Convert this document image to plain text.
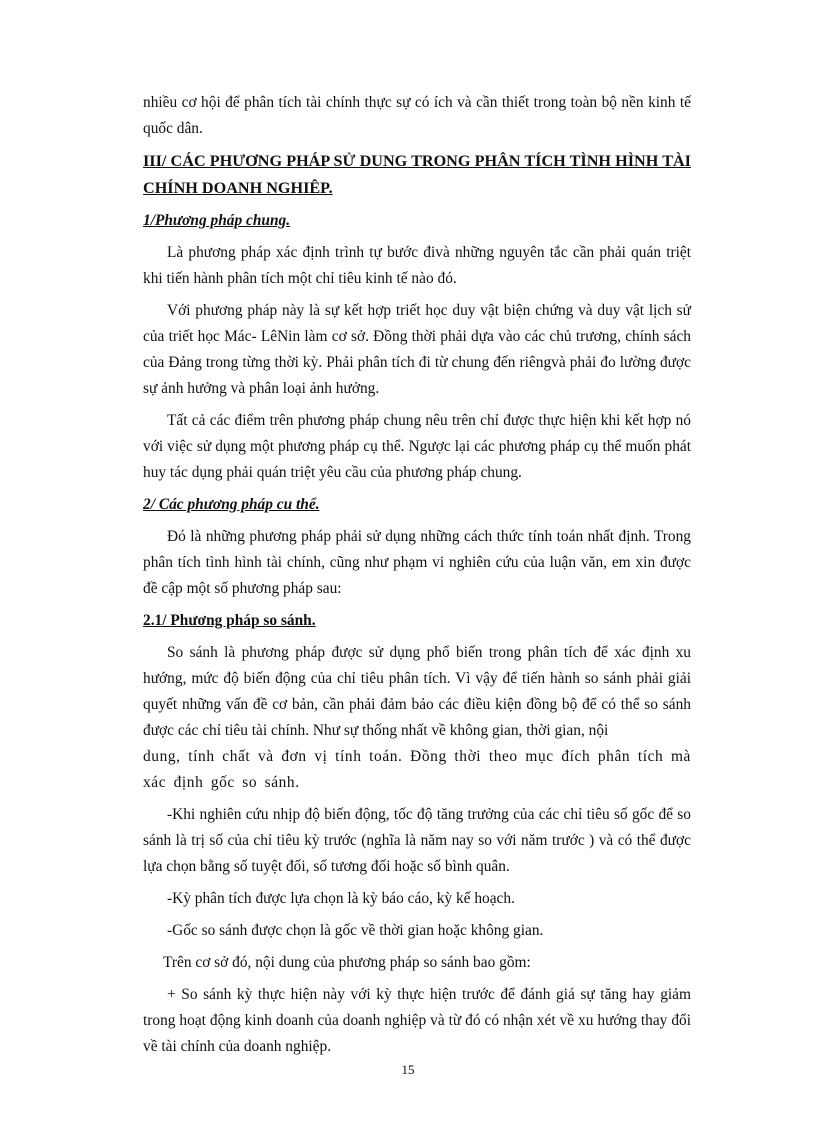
nhiều cơ hội để phân tích tài chính thực sự có ích và cần thiết trong toàn bộ nền kinh tế quốc dân.

III/ CÁC PHƯƠNG PHÁP SỬ DUNG TRONG PHÂN TÍCH TÌNH HÌNH TÀI CHÍNH DOANH NGHIÊP.

1/Phương pháp chung.

Là phương pháp xác định trình tự bước đivà những nguyên tắc cần phải quán triệt khi tiến hành phân tích một chỉ tiêu kinh tế nào đó.

Với phương pháp này là sự kết hợp triết học duy vật biện chứng và duy vật lịch sử của triết học Mác- LêNin làm cơ sở. Đồng thời phải dựa vào các chủ trương, chính sách của Đảng trong từng thời kỳ. Phải phân tích đi từ chung đến riêngvà phải đo lường được sự ảnh hưởng và phân loại ảnh hưởng.

Tất cả các điểm trên phương pháp chung nêu trên chỉ được thực hiện khi kết hợp nó với việc sử dụng một phương pháp cụ thể. Ngược lại các phương pháp cụ thể muốn phát huy tác dụng phải quán triệt yêu cầu của phương pháp chung.

2/ Các phương pháp cu thể.

Đó là những phương pháp phải sử dụng những cách thức tính toán nhất định. Trong phân tích tình hình tài chính, cũng như phạm vi nghiên cứu của luận văn, em xin được đề cập một số phương pháp sau:

2.1/ Phương pháp so sánh.

So sánh là phương pháp được sử dụng phổ biến trong phân tích để xác định xu hướng, mức độ biến động của chỉ tiêu phân tích. Vì vậy để tiến hành so sánh phải giải quyết những vấn đề cơ bản, cần phải đảm bảo các điều kiện đồng bộ để có thể so sánh được các chỉ tiêu tài chính. Như sự thống nhất về không gian, thời gian, nội

dung, tính chất và đơn vị tính toán. Đồng thời theo mục đích phân tích mà xác định gốc so sánh.

-Khi nghiên cứu nhịp độ biến động, tốc độ tăng trưởng của các chỉ tiêu số gốc để so sánh là trị số của chỉ tiêu kỳ trước (nghĩa là năm nay so với năm trước ) và có thể được lựa chọn bằng số tuyệt đối, số tương đối hoặc số bình quân.

-Kỳ phân tích được lựa chọn là kỳ báo cáo, kỳ kế hoạch.

-Gốc so sánh được chọn là gốc về thời gian hoặc không gian.

Trên cơ sở đó, nội dung của phương pháp so sánh bao gồm:

+ So sánh kỳ thực hiện này với kỳ thực hiện trước để đánh giá sự tăng hay giảm trong hoạt động kinh doanh của doanh nghiệp và từ đó có nhận xét về xu hướng thay đổi về tài chính của doanh nghiệp.

15
